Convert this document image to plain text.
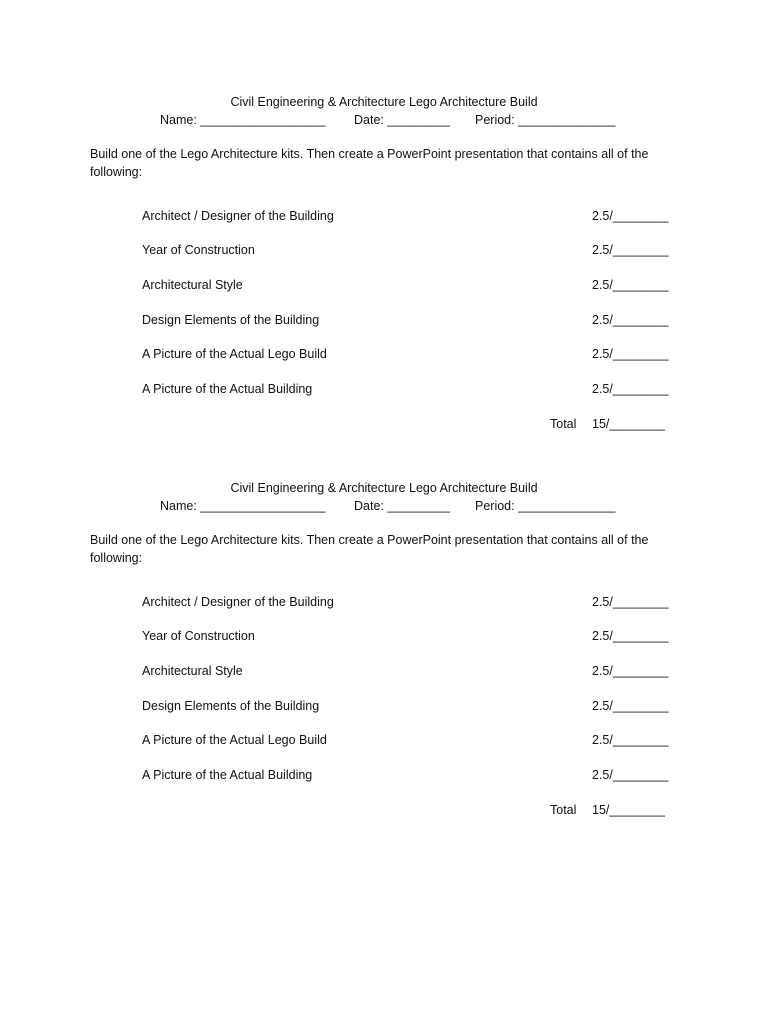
Civil Engineering & Architecture Lego Architecture Build
Name: __________________ Date: _________ Period: ______________
Build one of the Lego Architecture kits. Then create a PowerPoint presentation that contains all of the following:
Architect / Designer of the Building	2.5/________
Year of Construction	2.5/________
Architectural Style	2.5/________
Design Elements of the Building	2.5/________
A Picture of the Actual Lego Build	2.5/________
A Picture of the Actual Building	2.5/________
Total 15/________
Civil Engineering & Architecture Lego Architecture Build
Name: __________________ Date: _________ Period: ______________
Build one of the Lego Architecture kits. Then create a PowerPoint presentation that contains all of the following:
Architect / Designer of the Building	2.5/________
Year of Construction	2.5/________
Architectural Style	2.5/________
Design Elements of the Building	2.5/________
A Picture of the Actual Lego Build	2.5/________
A Picture of the Actual Building	2.5/________
Total 15/________
